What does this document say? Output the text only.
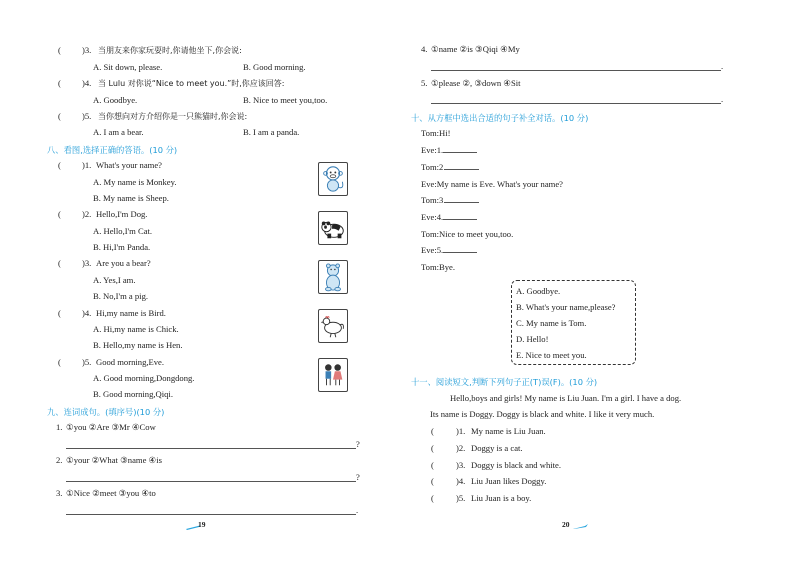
( )3. 当朋友来你家玩耍时,你请他坐下,你会说:
A. Sit down, please.	B. Good morning.
( )4. 当 Lulu 对你说“Nice to meet you.”时,你应该回答:
A. Goodbye.	B. Nice to meet you,too.
( )5. 当你想向对方介绍你是一只熊猫时,你会说:
A. I am a bear.	B. I am a panda.
八、看图,选择正确的答语。(10 分)
( )1. What's your name?
A. My name is Monkey.
B. My name is Sheep.
( )2. Hello,I'm Dog.
A. Hello,I'm Cat.
B. Hi,I'm Panda.
( )3. Are you a bear?
A. Yes,I am.
B. No,I'm a pig.
( )4. Hi,my name is Bird.
A. Hi,my name is Chick.
B. Hello,my name is Hen.
( )5. Good morning,Eve.
A. Good morning,Dongdong.
B. Good morning,Qiqi.
九、连词成句。(填序号)(10 分)
1. ①you ②Are ③Mr ④Cow
?
2. ①your ②What ③name ④is
?
3. ①Nice ②meet ③you ④to
.
19
4. ①name ②is ③Qiqi ④My
.
5. ①please ②, ③down ④Sit
.
十、从方框中选出合适的句子补全对话。(10 分)
Tom:Hi!
Eve:1.
Tom:2.
Eve:My name is Eve. What's your name?
Tom:3.
Eve:4.
Tom:Nice to meet you,too.
Eve:5.
Tom:Bye.
A. Goodbye.
B. What's your name,please?
C. My name is Tom.
D. Hello!
E. Nice to meet you.
十一、阅读短文,判断下列句子正(T)误(F)。(10 分)
Hello,boys and girls! My name is Liu Juan. I'm a girl. I have a dog.
Its name is Doggy. Doggy is black and white. I like it very much.
(	)1. My name is Liu Juan.
(	)2. Doggy is a cat.
(	)3. Doggy is black and white.
(	)4. Liu Juan likes Doggy.
(	)5. Liu Juan is a boy.
20
